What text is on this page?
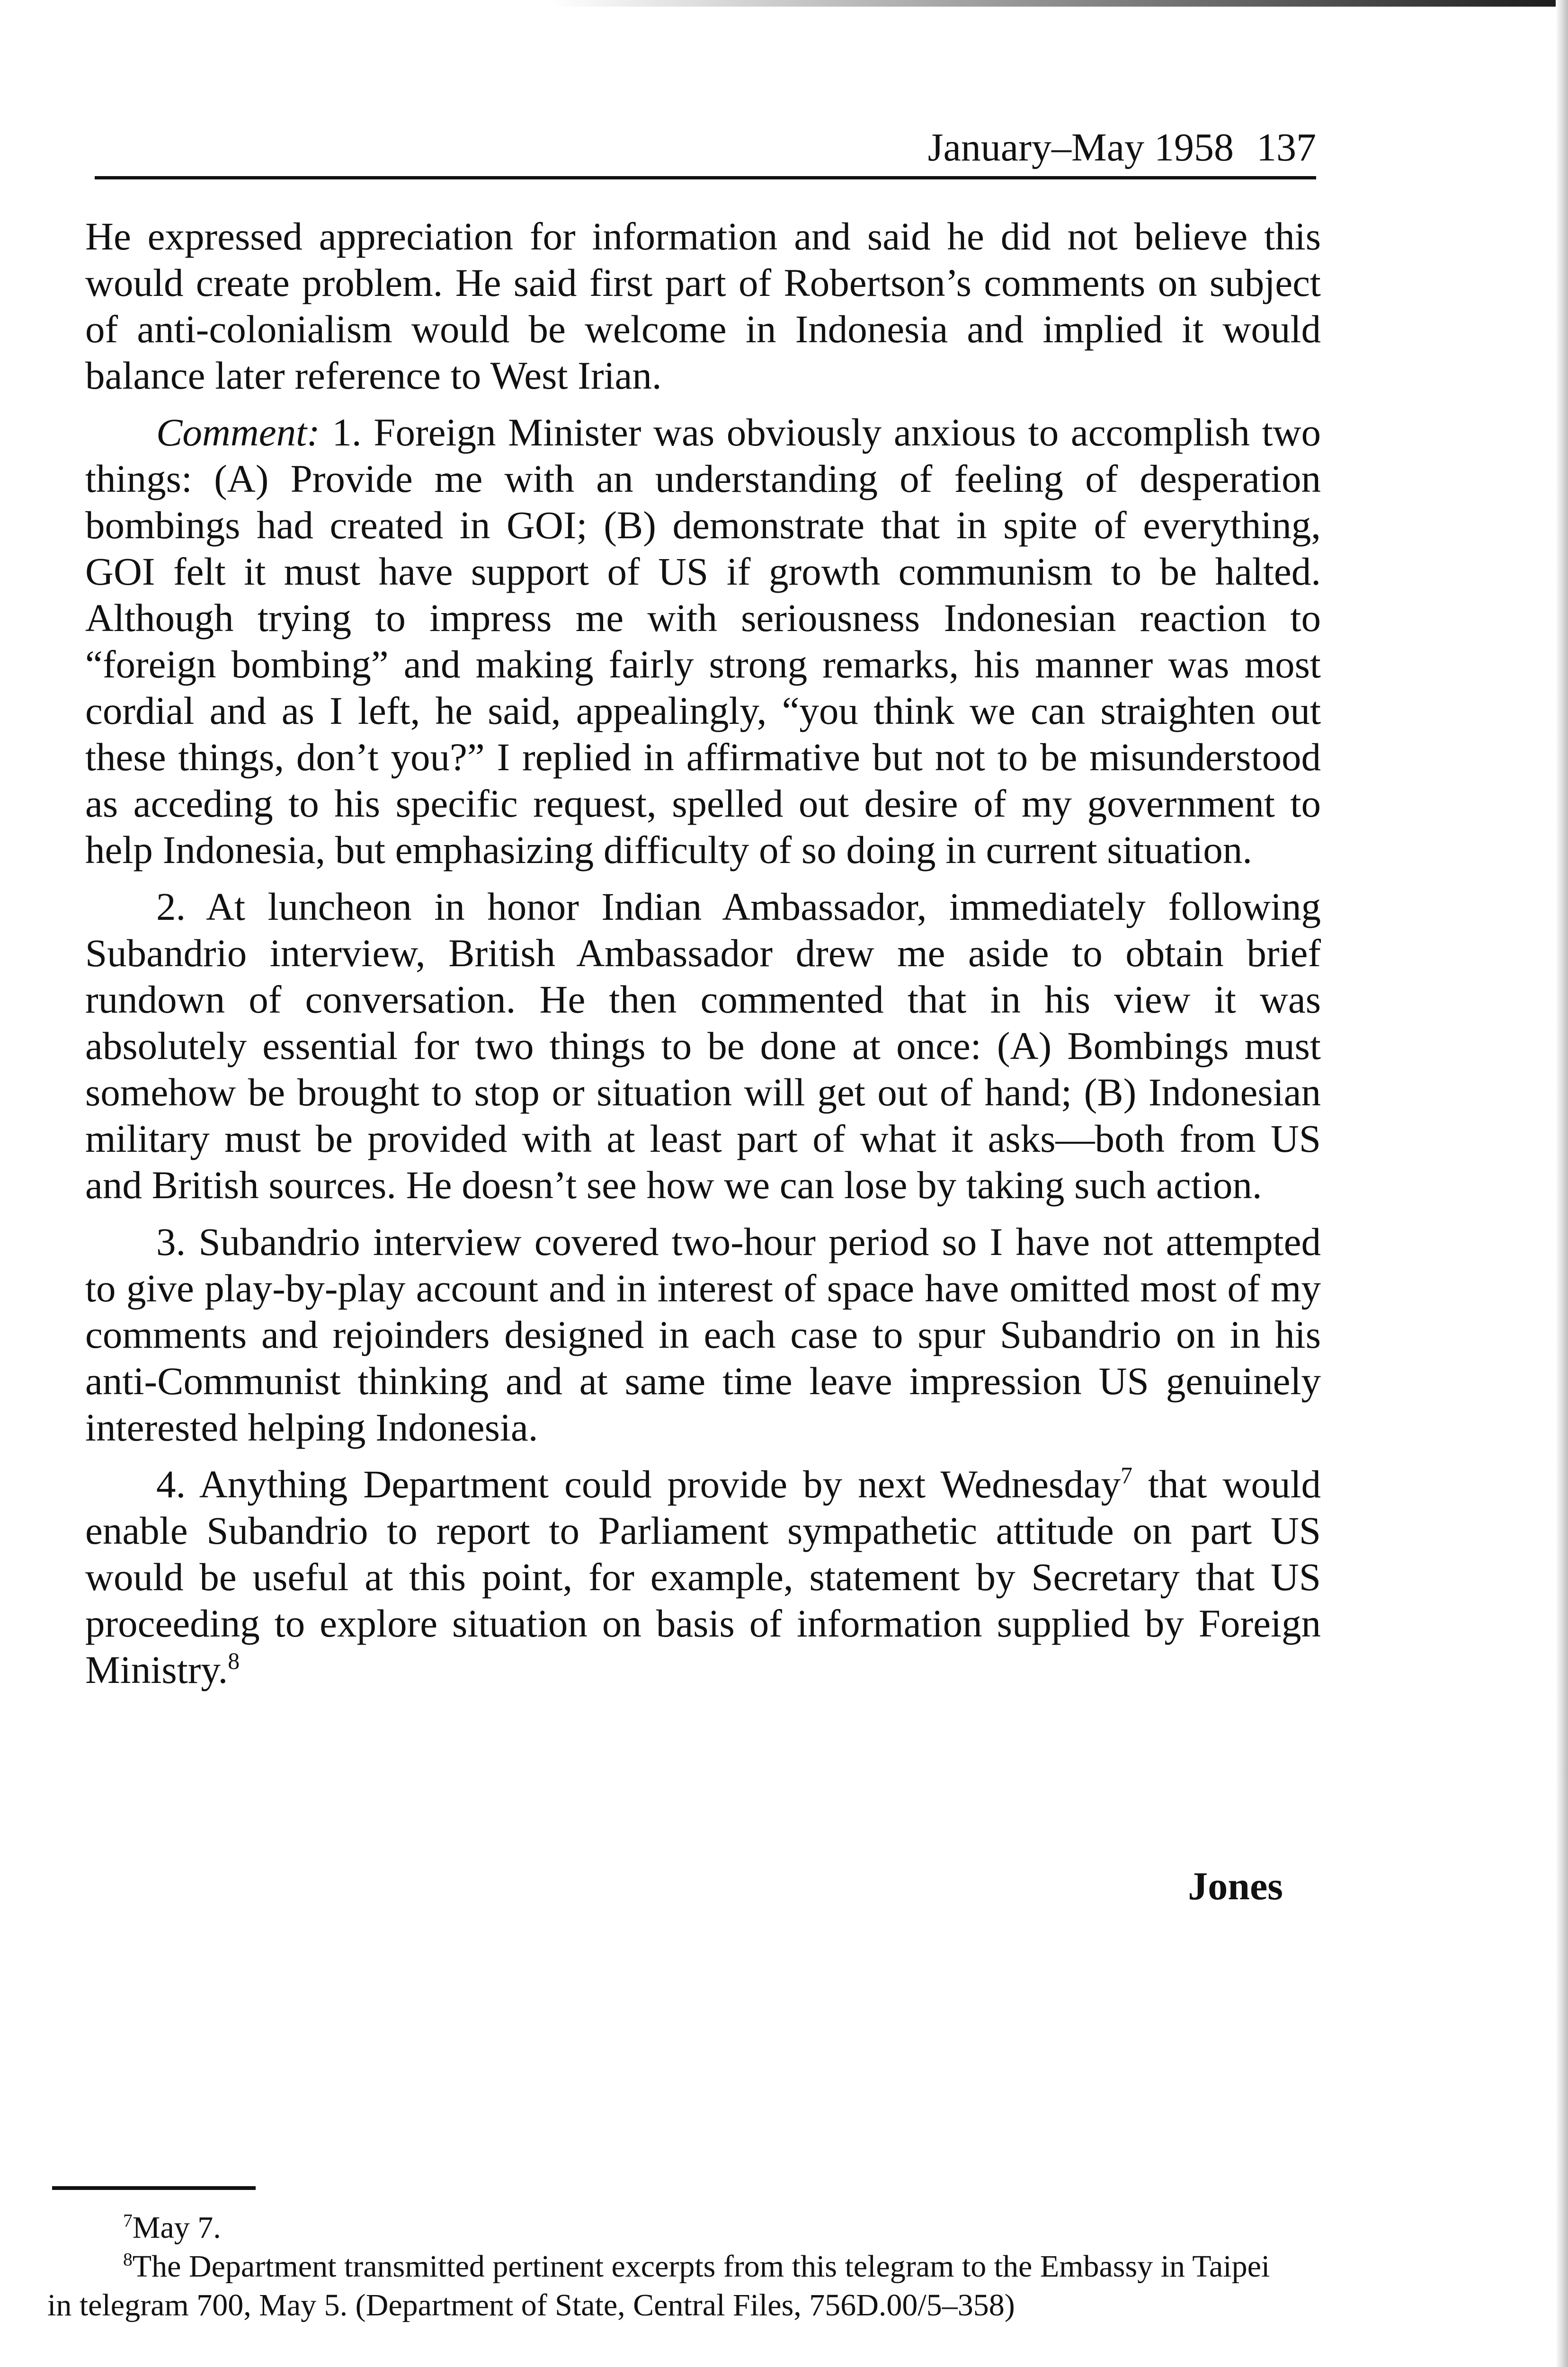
January–May 1958 137

He expressed appreciation for information and said he did not believe this would create problem. He said first part of Robertson’s comments on subject of anti-colonialism would be welcome in Indonesia and implied it would balance later reference to West Irian.

Comment: 1. Foreign Minister was obviously anxious to accomplish two things: (A) Provide me with an understanding of feeling of desperation bombings had created in GOI; (B) demonstrate that in spite of everything, GOI felt it must have support of US if growth communism to be halted. Although trying to impress me with seriousness Indonesian reaction to “foreign bombing” and making fairly strong remarks, his manner was most cordial and as I left, he said, appealingly, “you think we can straighten out these things, don’t you?” I replied in affirmative but not to be misunderstood as acceding to his specific request, spelled out desire of my government to help Indonesia, but emphasizing difficulty of so doing in current situation.

2. At luncheon in honor Indian Ambassador, immediately following Subandrio interview, British Ambassador drew me aside to obtain brief rundown of conversation. He then commented that in his view it was absolutely essential for two things to be done at once: (A) Bombings must somehow be brought to stop or situation will get out of hand; (B) Indonesian military must be provided with at least part of what it asks—both from US and British sources. He doesn’t see how we can lose by taking such action.

3. Subandrio interview covered two-hour period so I have not attempted to give play-by-play account and in interest of space have omitted most of my comments and rejoinders designed in each case to spur Subandrio on in his anti-Communist thinking and at same time leave impression US genuinely interested helping Indonesia.

4. Anything Department could provide by next Wednesday$^7$ that would enable Subandrio to report to Parliament sympathetic attitude on part US would be useful at this point, for example, statement by Secretary that US proceeding to explore situation on basis of information supplied by Foreign Ministry.$^8$

Jones

$^7$May 7.

$^8$The Department transmitted pertinent excerpts from this telegram to the Embassy in Taipei in telegram 700, May 5. (Department of State, Central Files, 756D.00/5–358)
